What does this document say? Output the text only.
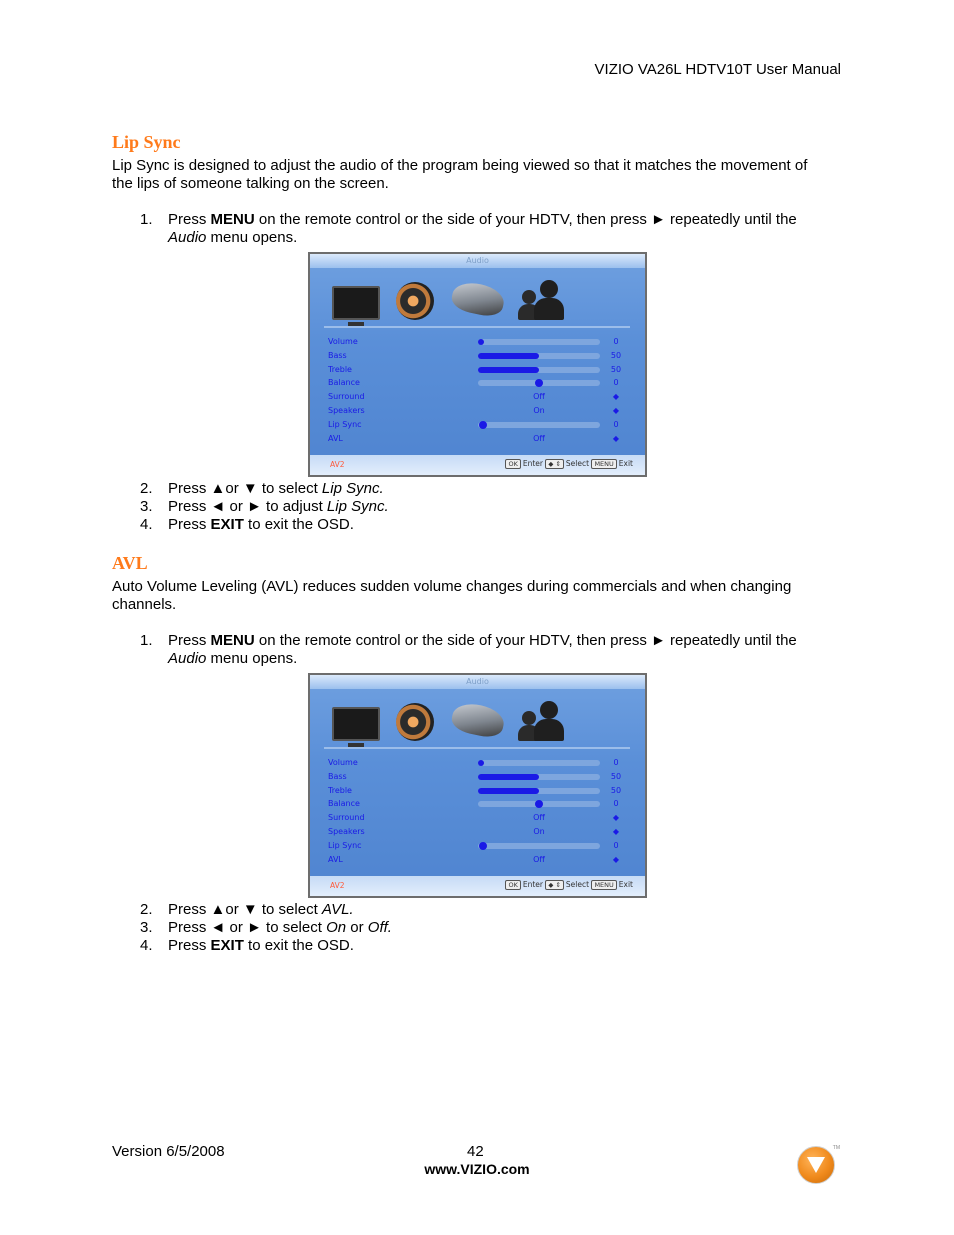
VIZIO VA26L HDTV10T User Manual
Lip Sync
Lip Sync is designed to adjust the audio of the program being viewed so that it matches the movement of
the lips of someone talking on the screen.
1. Press MENU on the remote control or the side of your HDTV, then press ► repeatedly until the
Audio menu opens.
Audio
Volume	0
Bass	50
Treble	50
Balance	0
Surround	Off	◆
Speakers	On	◆
Lip Sync	0
AVL	Off	◆
AV2	OK Enter ◆ ⇕ Select MENU Exit
2. Press ▲or ▼ to select Lip Sync.
3. Press ◄ or ► to adjust Lip Sync.
4. Press EXIT to exit the OSD.
AVL
Auto Volume Leveling (AVL) reduces sudden volume changes during commercials and when changing
channels.
1. Press MENU on the remote control or the side of your HDTV, then press ► repeatedly until the
Audio menu opens.
Audio
Volume	0
Bass	50
Treble	50
Balance	0
Surround	Off	◆
Speakers	On	◆
Lip Sync	0
AVL	Off	◆
AV2	OK Enter ◆ ⇕ Select MENU Exit
2. Press ▲or ▼ to select AVL.
3. Press ◄ or ► to select On or Off.
4. Press EXIT to exit the OSD.
Version 6/5/2008	42
www.VIZIO.com
TM
